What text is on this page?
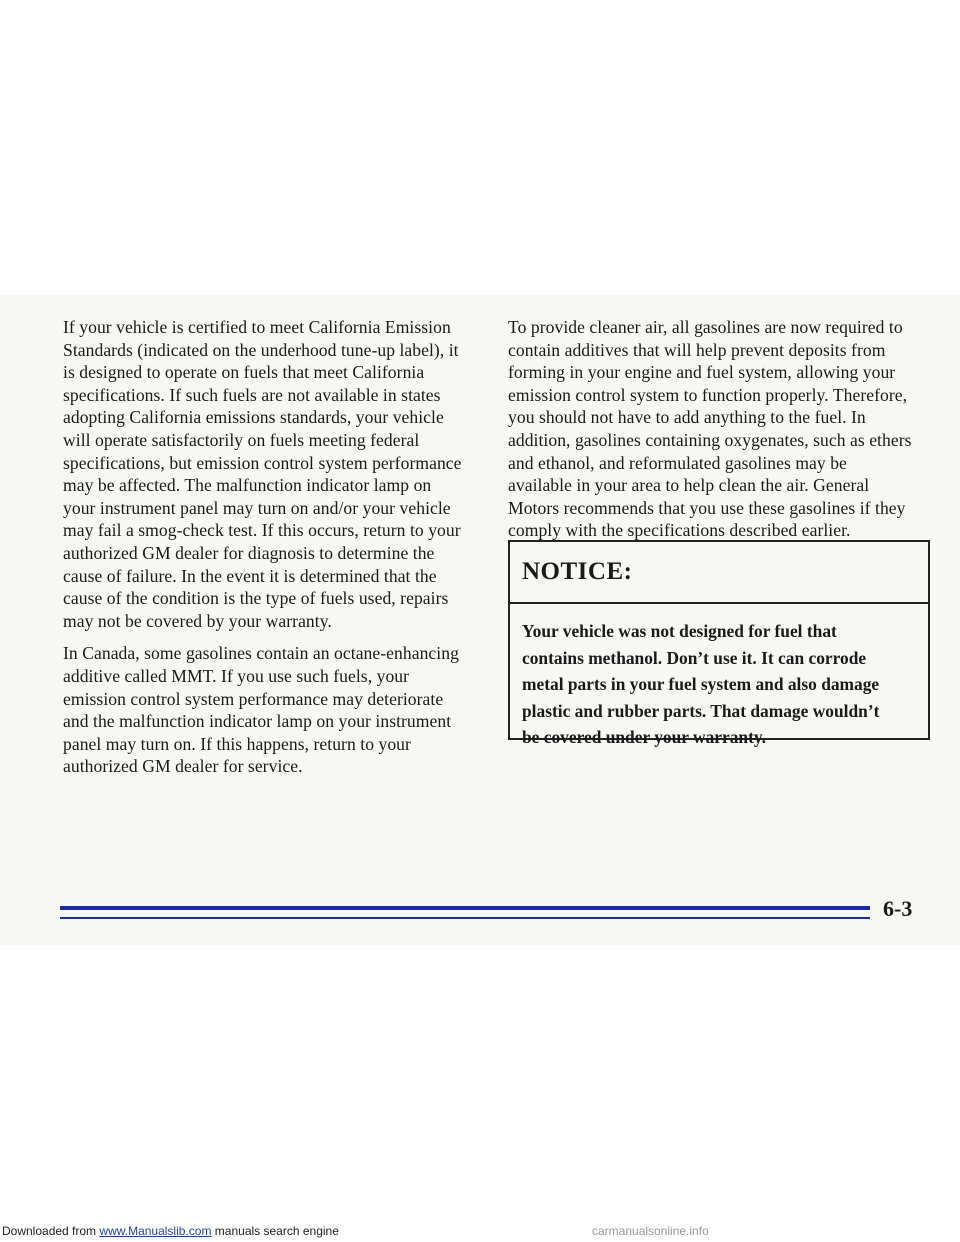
If your vehicle is certified to meet California Emission
Standards (indicated on the underhood tune-up label), it
is designed to operate on fuels that meet California
specifications. If such fuels are not available in states
adopting California emissions standards, your vehicle
will operate satisfactorily on fuels meeting federal
specifications, but emission control system performance
may be affected. The malfunction indicator lamp on
your instrument panel may turn on and/or your vehicle
may fail a smog-check test. If this occurs, return to your
authorized GM dealer for diagnosis to determine the
cause of failure. In the event it is determined that the
cause of the condition is the type of fuels used, repairs
may not be covered by your warranty.

In Canada, some gasolines contain an octane-enhancing
additive called MMT. If you use such fuels, your
emission control system performance may deteriorate
and the malfunction indicator lamp on your instrument
panel may turn on. If this happens, return to your
authorized GM dealer for service.

To provide cleaner air, all gasolines are now required to
contain additives that will help prevent deposits from
forming in your engine and fuel system, allowing your
emission control system to function properly. Therefore,
you should not have to add anything to the fuel. In
addition, gasolines containing oxygenates, such as ethers
and ethanol, and reformulated gasolines may be
available in your area to help clean the air. General
Motors recommends that you use these gasolines if they
comply with the specifications described earlier.

NOTICE:
Your vehicle was not designed for fuel that
contains methanol. Don’t use it. It can corrode
metal parts in your fuel system and also damage
plastic and rubber parts. That damage wouldn’t
be covered under your warranty.
6-3
Downloaded from www.Manualslib.com manuals search engine	carmanualsonline.info
